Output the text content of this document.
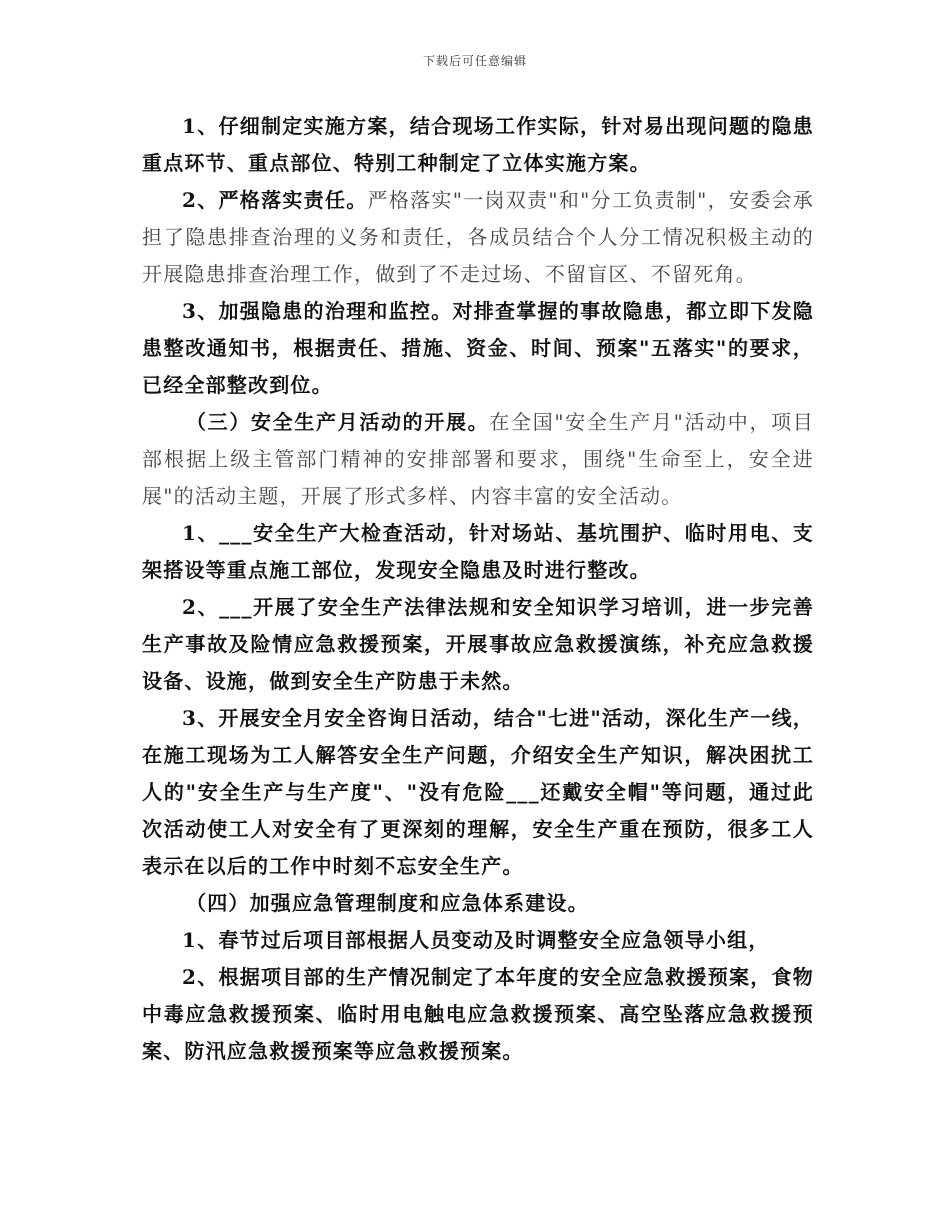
下载后可任意编辑

1、仔细制定实施方案，结合现场工作实际，针对易出现问题的隐患重点环节、重点部位、特别工种制定了立体实施方案。

2、严格落实责任。严格落实"一岗双责"和"分工负责制"，安委会承担了隐患排查治理的义务和责任，各成员结合个人分工情况积极主动的开展隐患排查治理工作，做到了不走过场、不留盲区、不留死角。

3、加强隐患的治理和监控。对排查掌握的事故隐患，都立即下发隐患整改通知书，根据责任、措施、资金、时间、预案"五落实"的要求，已经全部整改到位。

（三）安全生产月活动的开展。在全国"安全生产月"活动中，项目部根据上级主管部门精神的安排部署和要求，围绕"生命至上，安全进展"的活动主题，开展了形式多样、内容丰富的安全活动。

1、___安全生产大检查活动，针对场站、基坑围护、临时用电、支架搭设等重点施工部位，发现安全隐患及时进行整改。

2、___开展了安全生产法律法规和安全知识学习培训，进一步完善生产事故及险情应急救援预案，开展事故应急救援演练，补充应急救援设备、设施，做到安全生产防患于未然。

3、开展安全月安全咨询日活动，结合"七进"活动，深化生产一线，在施工现场为工人解答安全生产问题，介绍安全生产知识，解决困扰工人的"安全生产与生产度"、"没有危险___还戴安全帽"等问题，通过此次活动使工人对安全有了更深刻的理解，安全生产重在预防，很多工人表示在以后的工作中时刻不忘安全生产。

（四）加强应急管理制度和应急体系建设。

1、春节过后项目部根据人员变动及时调整安全应急领导小组，

2、根据项目部的生产情况制定了本年度的安全应急救援预案，食物中毒应急救援预案、临时用电触电应急救援预案、高空坠落应急救援预案、防汛应急救援预案等应急救援预案。
